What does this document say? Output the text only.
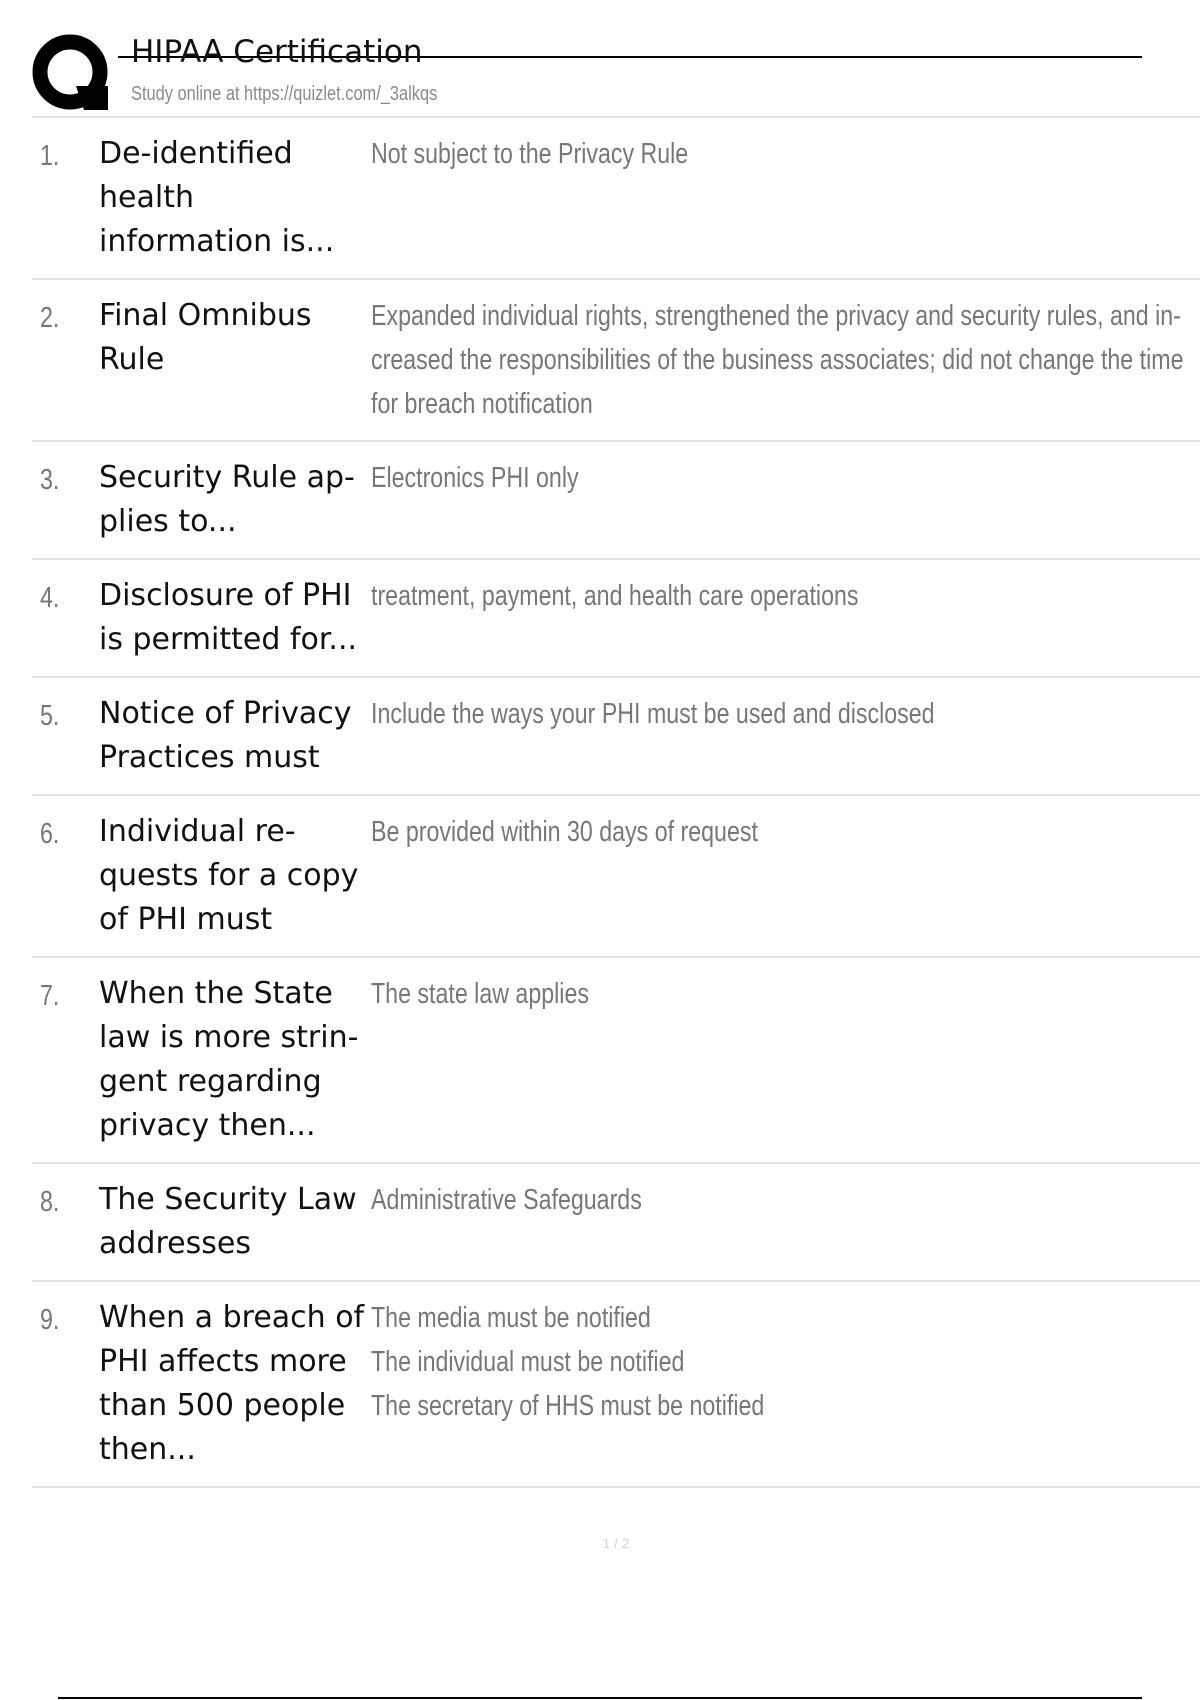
HIPAA Certification
Study online at https://quizlet.com/_3alkqs
1. De-identified
health
information is...
Not subject to the Privacy Rule
2. Final Omnibus
Rule
Expanded individual rights, strengthened the privacy and security rules, and in-
creased the responsibilities of the business associates; did not change the time
for breach notification
3. Security Rule ap-
plies to...
Electronics PHI only
4. Disclosure of PHI
is permitted for...
treatment, payment, and health care operations
5. Notice of Privacy
Practices must
Include the ways your PHI must be used and disclosed
6. Individual re-
quests for a copy
of PHI must
Be provided within 30 days of request
7. When the State
law is more strin-
gent regarding
privacy then...
The state law applies
8. The Security Law
addresses
Administrative Safeguards
9. When a breach of
PHI affects more
than 500 people
then...
The media must be notified
The individual must be notified
The secretary of HHS must be notified
1 / 2
